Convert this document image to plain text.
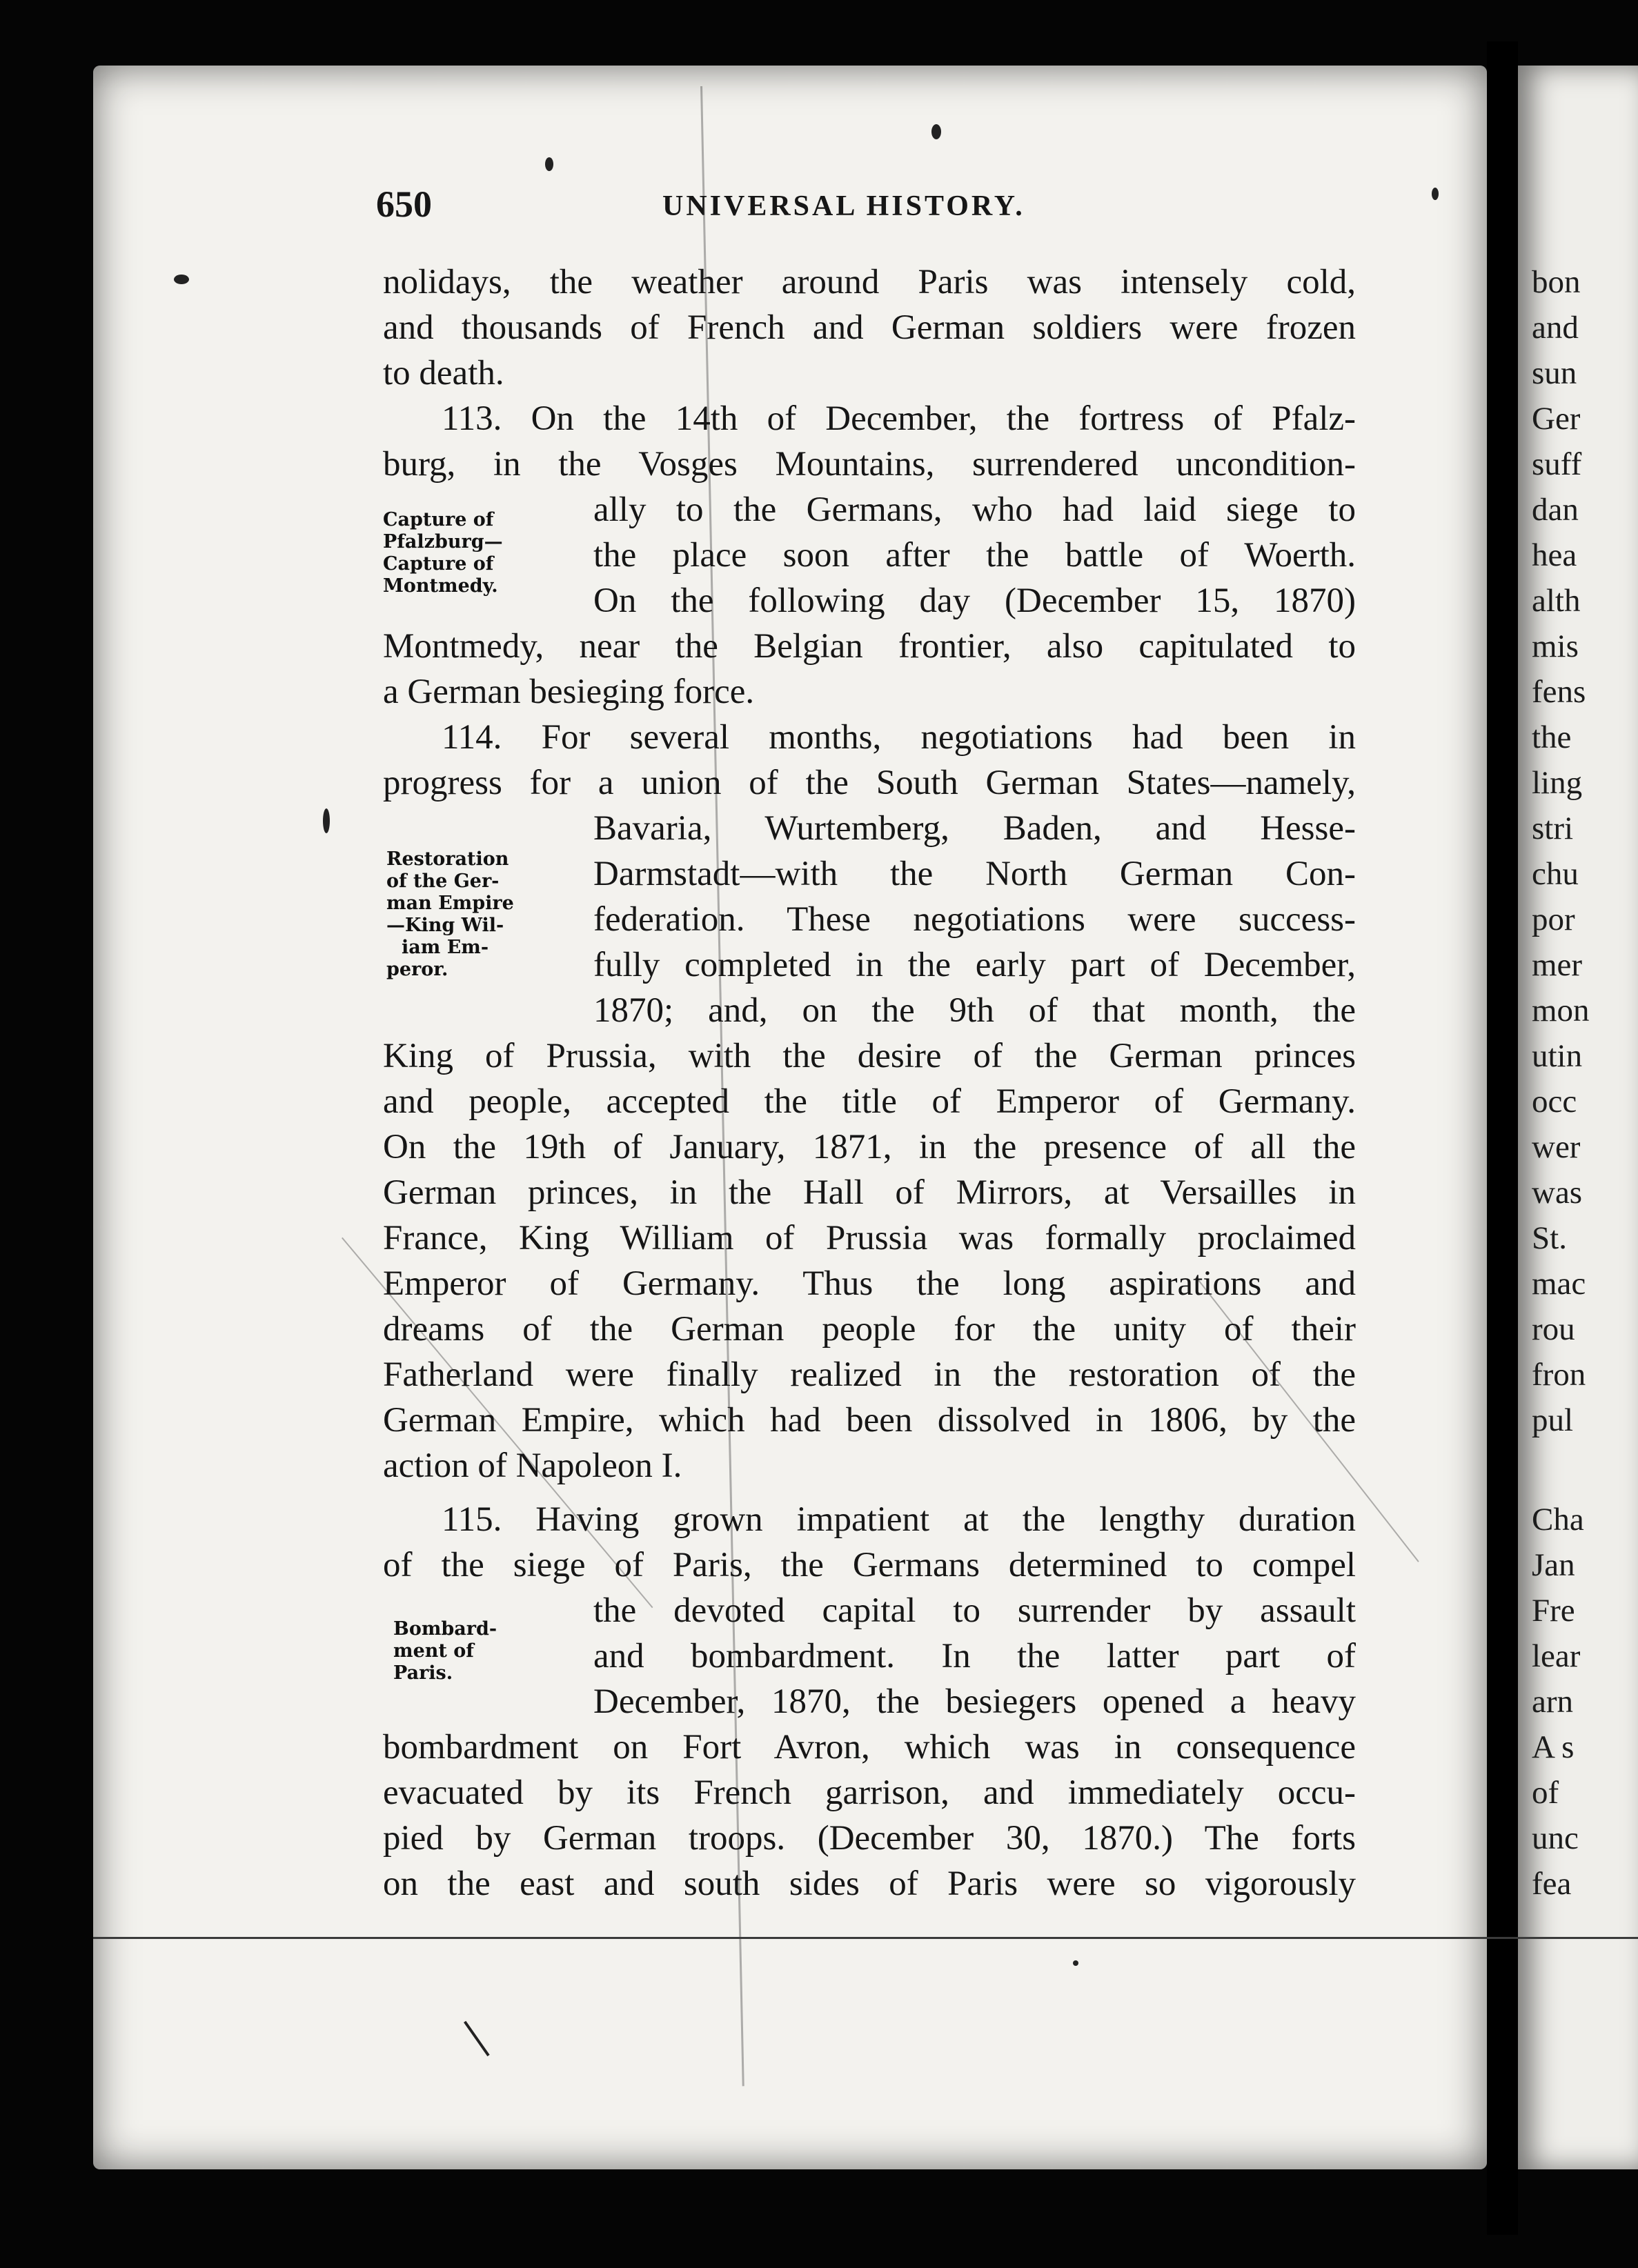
650	UNIVERSAL HISTORY.
nolidays, the weather around Paris was intensely cold,
and thousands of French and German soldiers were frozen
to death.
113. On the 14th of December, the fortress of Pfalz-
burg, in the Vosges Mountains, surrendered uncondition-
ally to the Germans, who had laid siege to
the place soon after the battle of Woerth.
On the following day (December 15, 1870)
Montmedy, near the Belgian frontier, also capitulated to
a German besieging force.
114. For several months, negotiations had been in
progress for a union of the South German States—namely,
Bavaria, Wurtemberg, Baden, and Hesse-
Darmstadt—with the North German Con-
federation. These negotiations were success-
fully completed in the early part of December,
1870; and, on the 9th of that month, the
King of Prussia, with the desire of the German princes
and people, accepted the title of Emperor of Germany.
On the 19th of January, 1871, in the presence of all the
German princes, in the Hall of Mirrors, at Versailles in
France, King William of Prussia was formally proclaimed
Emperor of Germany. Thus the long aspirations and
dreams of the German people for the unity of their
Fatherland were finally realized in the restoration of the
German Empire, which had been dissolved in 1806, by the
action of Napoleon I.
115. Having grown impatient at the lengthy duration
of the siege of Paris, the Germans determined to compel
the devoted capital to surrender by assault
and bombardment. In the latter part of
December, 1870, the besiegers opened a heavy
bombardment on Fort Avron, which was in consequence
evacuated by its French garrison, and immediately occu-
pied by German troops. (December 30, 1870.) The forts
on the east and south sides of Paris were so vigorously
Capture of
Pfalzburg—
Capture of
Montmedy.
Restoration
of the Ger-
man Empire
—King Wil-
iam Em-
peror.
Bombard-
ment of
Paris.
bon
and
sun
Ger
suff
dan
hea
alth
mis
fens
the
ling
stri
chu
por
mer
mon
utin
occ
wer
was
St.
mac
rou
fron
pul
Cha
Jan
Fre
lear
arn
A s
of
unc
fea
